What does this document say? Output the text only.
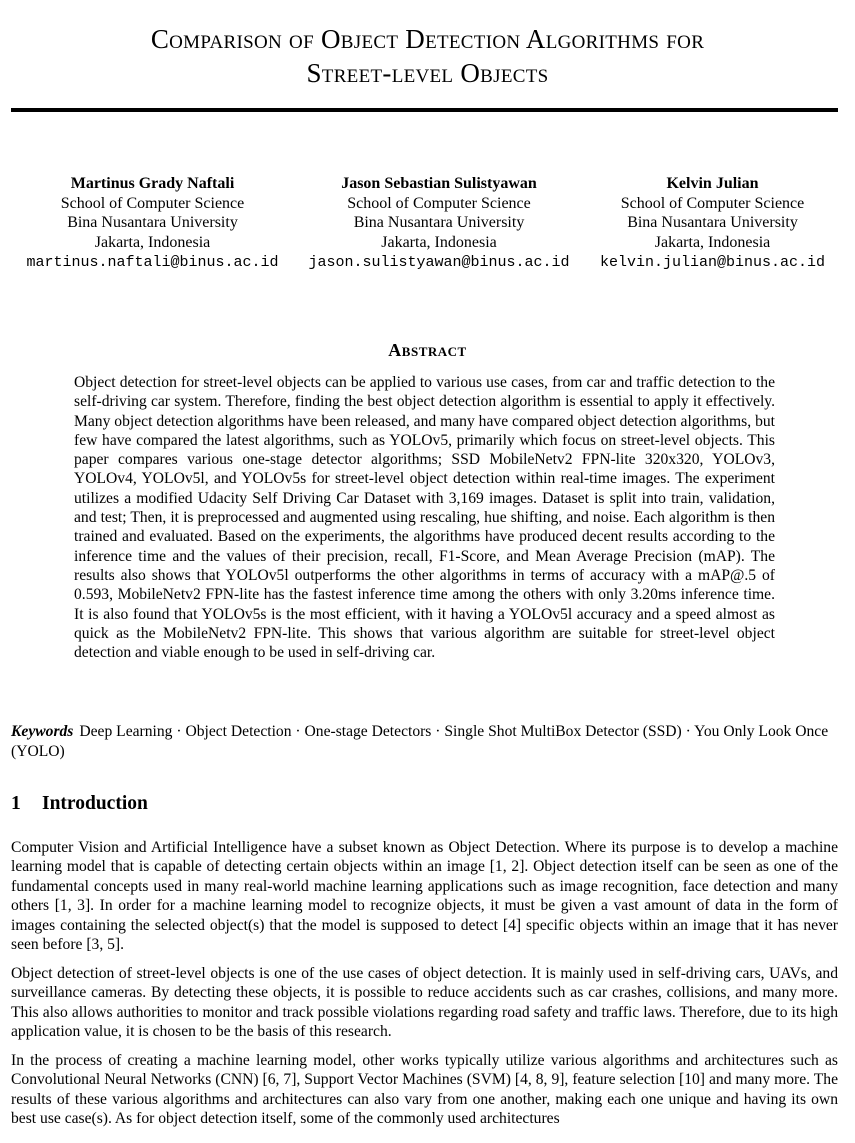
Comparison of Object Detection Algorithms for
Street-level Objects
Martinus Grady Naftali
School of Computer Science
Bina Nusantara University
Jakarta, Indonesia
martinus.naftali@binus.ac.id
Jason Sebastian Sulistyawan
School of Computer Science
Bina Nusantara University
Jakarta, Indonesia
jason.sulistyawan@binus.ac.id
Kelvin Julian
School of Computer Science
Bina Nusantara University
Jakarta, Indonesia
kelvin.julian@binus.ac.id
Abstract

Object detection for street-level objects can be applied to various use cases, from car and traffic detection to the self-driving car system. Therefore, finding the best object detection algorithm is essential to apply it effectively. Many object detection algorithms have been released, and many have compared object detection algorithms, but few have compared the latest algorithms, such as YOLOv5, primarily which focus on street-level objects. This paper compares various one-stage detector algorithms; SSD MobileNetv2 FPN-lite 320x320, YOLOv3, YOLOv4, YOLOv5l, and YOLOv5s for street-level object detection within real-time images. The experiment utilizes a modified Udacity Self Driving Car Dataset with 3,169 images. Dataset is split into train, validation, and test; Then, it is preprocessed and augmented using rescaling, hue shifting, and noise. Each algorithm is then trained and evaluated. Based on the experiments, the algorithms have produced decent results according to the inference time and the values of their precision, recall, F1-Score, and Mean Average Precision (mAP). The results also shows that YOLOv5l outperforms the other algorithms in terms of accuracy with a mAP@.5 of 0.593, MobileNetv2 FPN-lite has the fastest inference time among the others with only 3.20ms inference time. It is also found that YOLOv5s is the most efficient, with it having a YOLOv5l accuracy and a speed almost as quick as the MobileNetv2 FPN-lite. This shows that various algorithm are suitable for street-level object detection and viable enough to be used in self-driving car.

Keywords Deep Learning · Object Detection · One-stage Detectors · Single Shot MultiBox Detector (SSD) · You Only Look Once (YOLO)

1 Introduction

Computer Vision and Artificial Intelligence have a subset known as Object Detection. Where its purpose is to develop a machine learning model that is capable of detecting certain objects within an image [1, 2]. Object detection itself can be seen as one of the fundamental concepts used in many real-world machine learning applications such as image recognition, face detection and many others [1, 3]. In order for a machine learning model to recognize objects, it must be given a vast amount of data in the form of images containing the selected object(s) that the model is supposed to detect [4] specific objects within an image that it has never seen before [3, 5].

Object detection of street-level objects is one of the use cases of object detection. It is mainly used in self-driving cars, UAVs, and surveillance cameras. By detecting these objects, it is possible to reduce accidents such as car crashes, collisions, and many more. This also allows authorities to monitor and track possible violations regarding road safety and traffic laws. Therefore, due to its high application value, it is chosen to be the basis of this research.

In the process of creating a machine learning model, other works typically utilize various algorithms and architectures such as Convolutional Neural Networks (CNN) [6, 7], Support Vector Machines (SVM) [4, 8, 9], feature selection [10] and many more. The results of these various algorithms and architectures can also vary from one another, making each one unique and having its own best use case(s). As for object detection itself, some of the commonly used architectures
